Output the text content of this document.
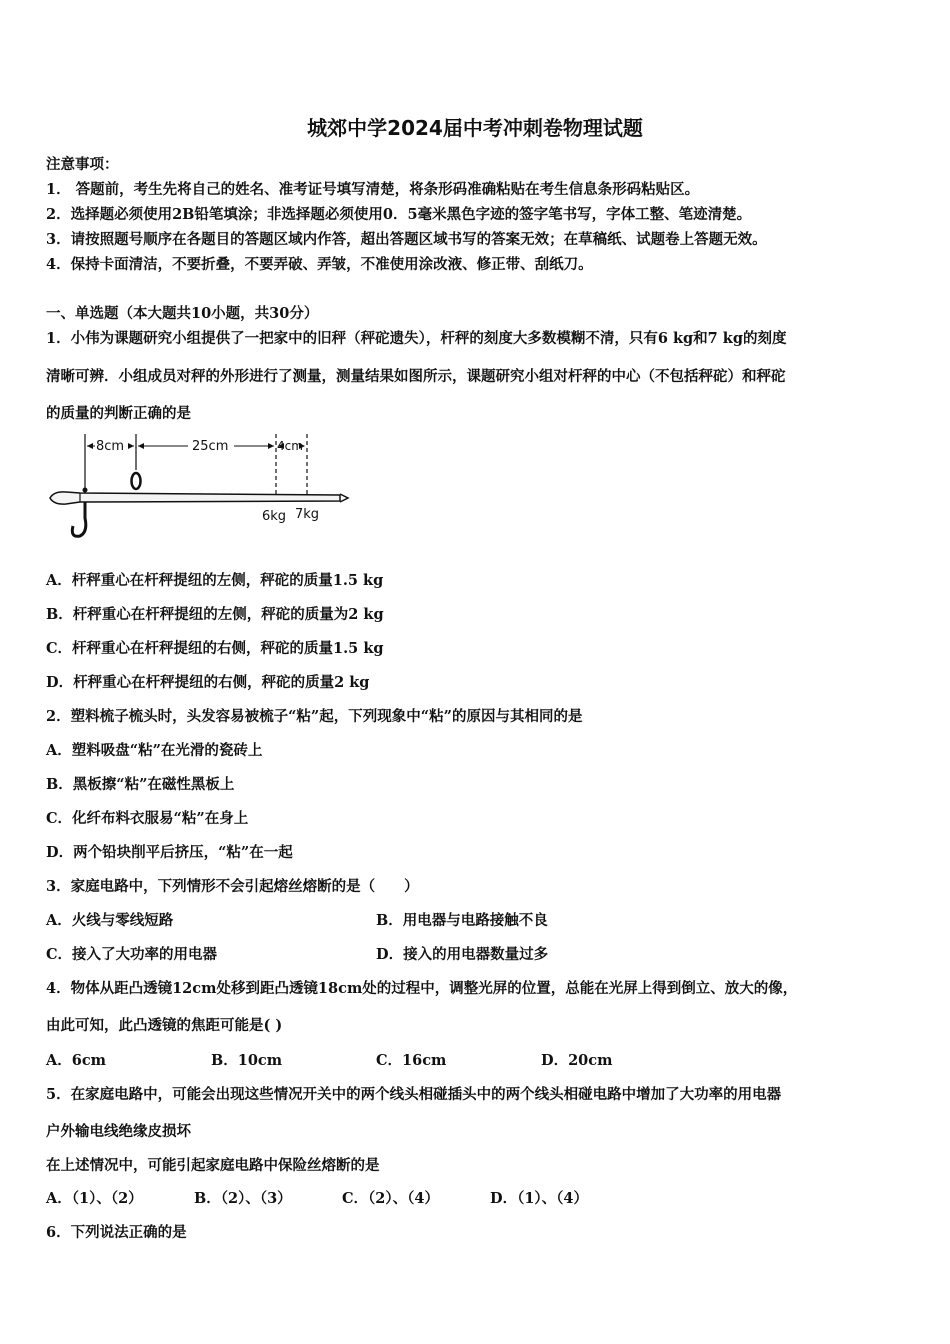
城郊中学2024届中考冲刺卷物理试题
注意事项：
1． 答题前，考生先将自己的姓名、准考证号填写清楚，将条形码准确粘贴在考生信息条形码粘贴区。
2．选择题必须使用2B铅笔填涂；非选择题必须使用0．5毫米黑色字迹的签字笔书写，字体工整、笔迹清楚。
3．请按照题号顺序在各题目的答题区域内作答，超出答题区域书写的答案无效；在草稿纸、试题卷上答题无效。
4．保持卡面清洁，不要折叠，不要弄破、弄皱，不准使用涂改液、修正带、刮纸刀。
一、单选题（本大题共10小题，共30分）
1．小伟为课题研究小组提供了一把家中的旧秤（秤砣遗失），杆秤的刻度大多数模糊不清，只有6 kg和7 kg的刻度
清晰可辨．小组成员对秤的外形进行了测量，测量结果如图所示，课题研究小组对杆秤的中心（不包括秤砣）和秤砣
的质量的判断正确的是
8cm	25cm	4cm
6kg 7kg
A．杆秤重心在杆秤提纽的左侧，秤砣的质量1.5 kg
B．杆秤重心在杆秤提纽的左侧，秤砣的质量为2 kg
C．杆秤重心在杆秤提纽的右侧，秤砣的质量1.5 kg
D．杆秤重心在杆秤提纽的右侧，秤砣的质量2 kg
2．塑料梳子梳头时，头发容易被梳子“粘”起，下列现象中“粘”的原因与其相同的是
A．塑料吸盘“粘”在光滑的瓷砖上
B．黑板擦“粘”在磁性黑板上
C．化纤布料衣服易“粘”在身上
D．两个铅块削平后挤压，“粘”在一起
3．家庭电路中，下列情形不会引起熔丝熔断的是（　　）
A．火线与零线短路	B．用电器与电路接触不良
C．接入了大功率的用电器	D．接入的用电器数量过多
4．物体从距凸透镜12cm处移到距凸透镜18cm处的过程中，调整光屏的位置，总能在光屏上得到倒立、放大的像，
由此可知，此凸透镜的焦距可能是( )
A．6cm	B．10cm	C．16cm	D．20cm
5．在家庭电路中，可能会出现这些情况开关中的两个线头相碰插头中的两个线头相碰电路中增加了大功率的用电器
户外输电线绝缘皮损坏
在上述情况中，可能引起家庭电路中保险丝熔断的是
A．（1）、（2）	B．（2）、（3）	C．（2）、（4）	D．（1）、（4）
6．下列说法正确的是
